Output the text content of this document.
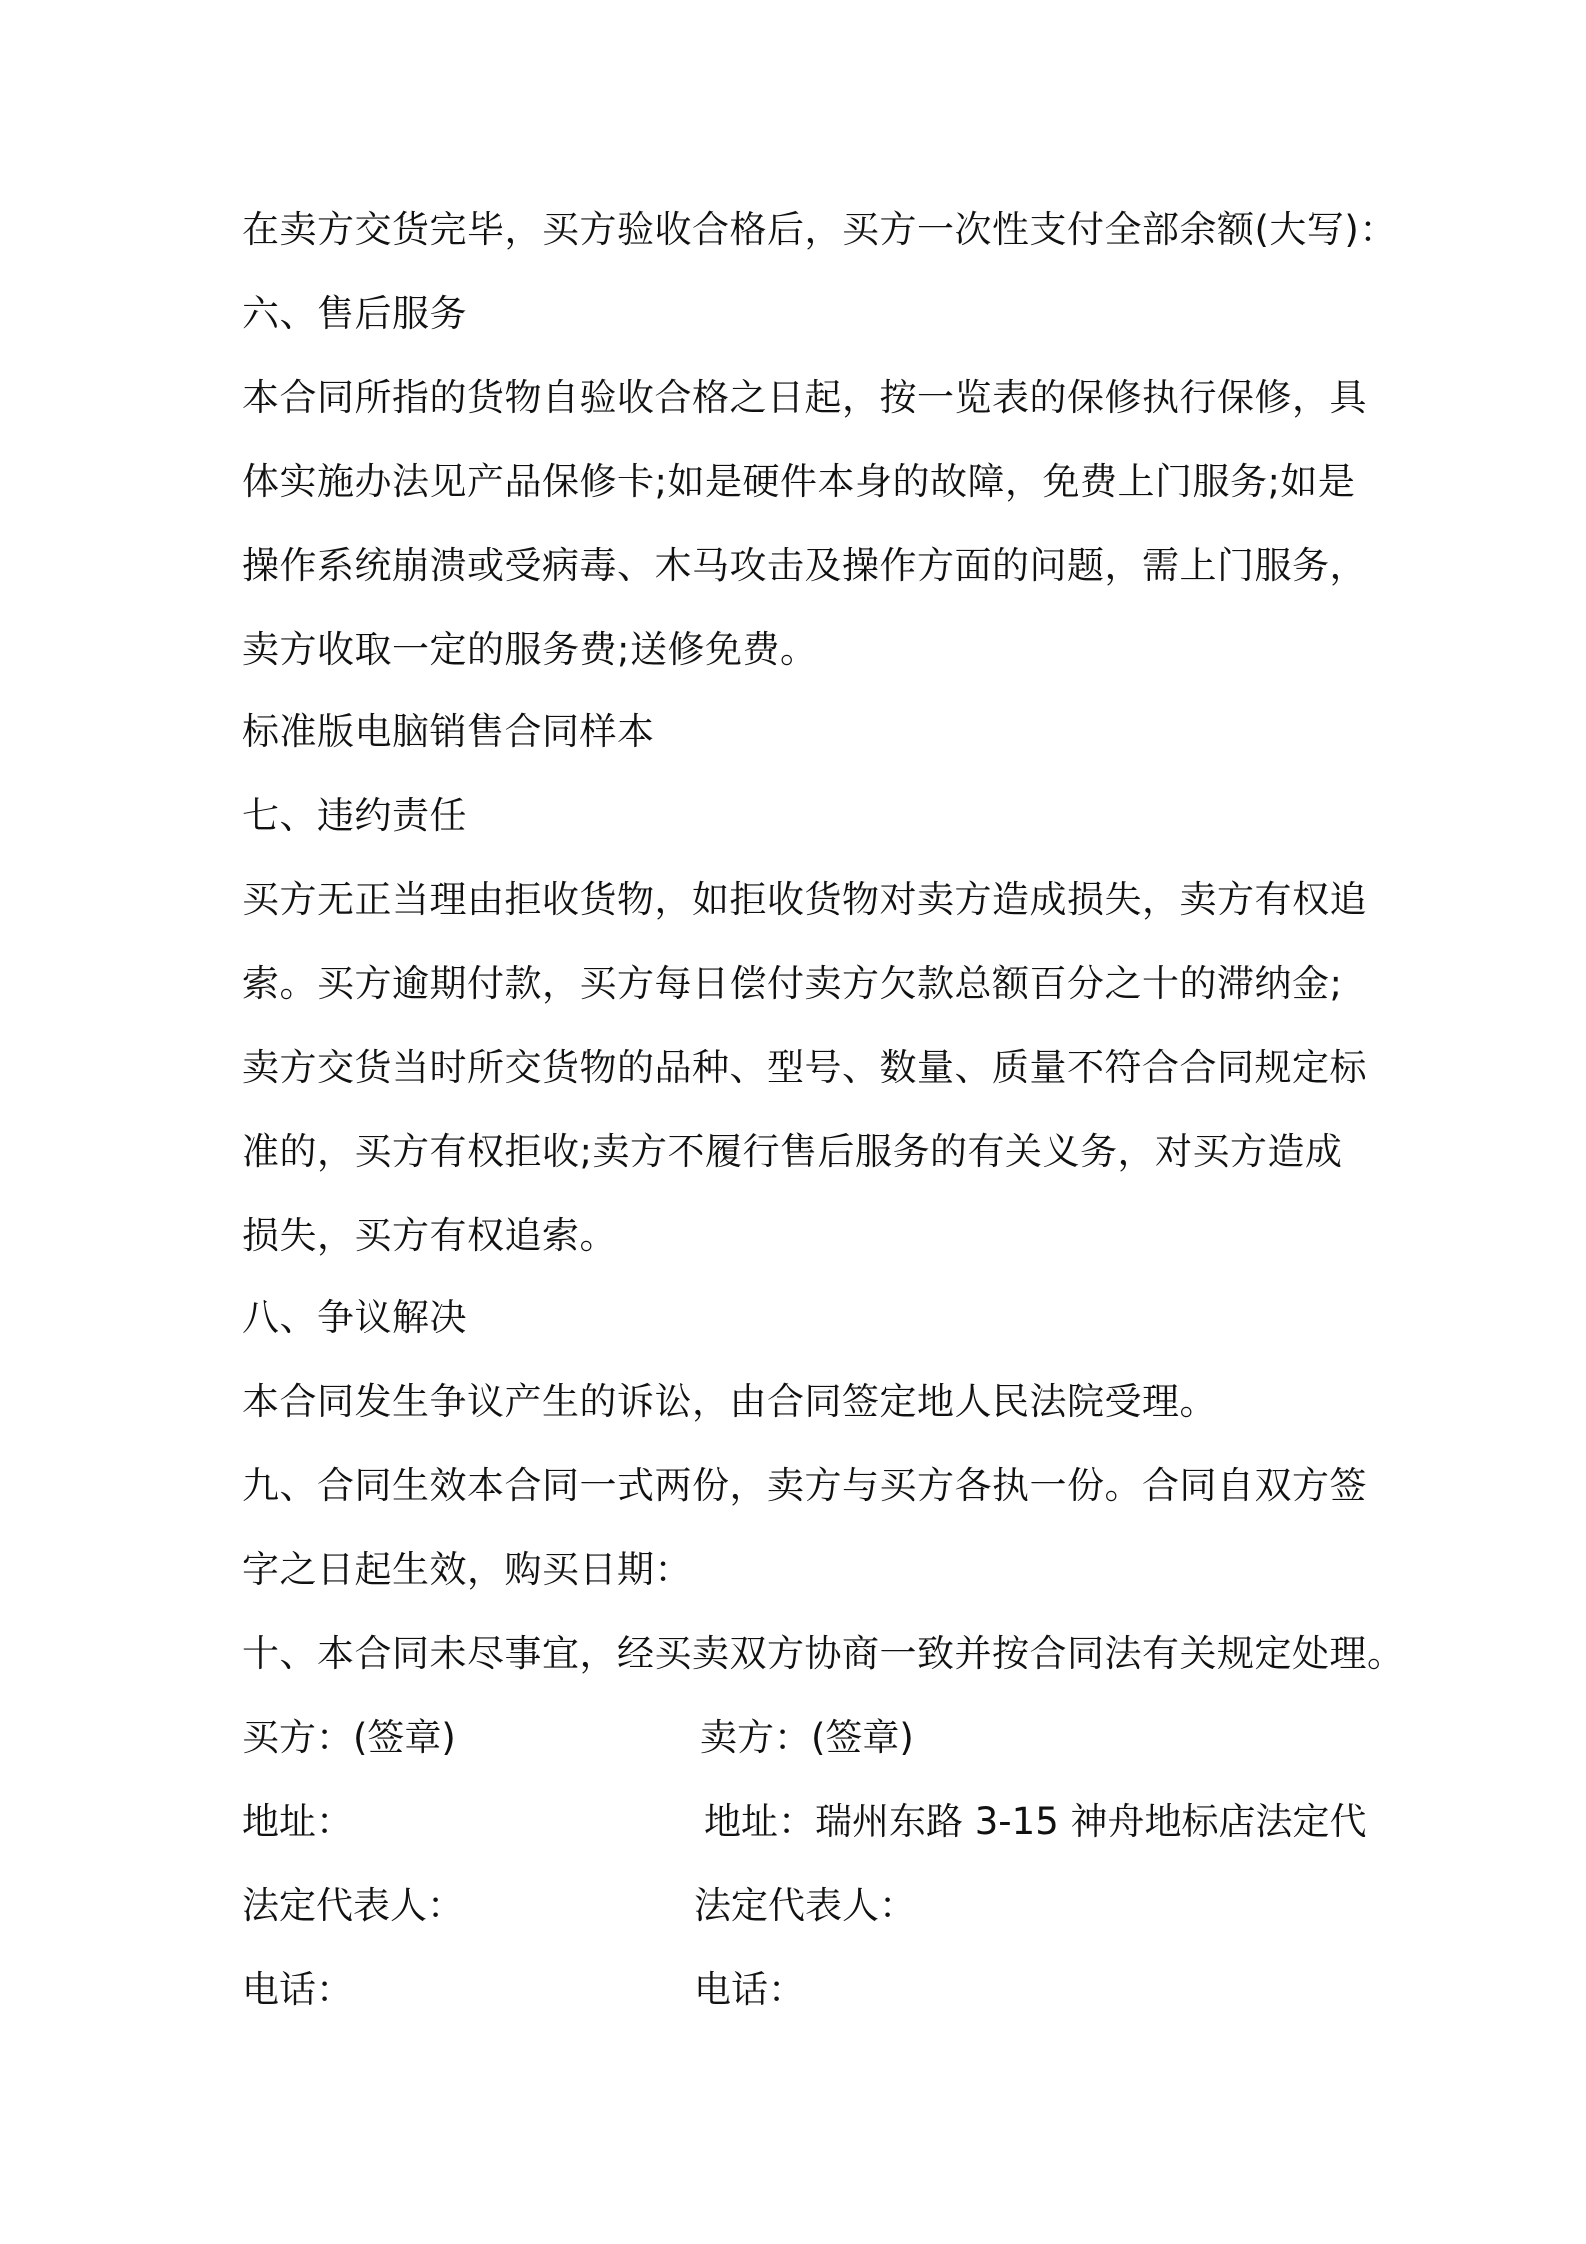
在卖方交货完毕，买方验收合格后，买方一次性支付全部余额(大写)：

六、售后服务

本合同所指的货物自验收合格之日起，按一览表的保修执行保修，具

体实施办法见产品保修卡;如是硬件本身的故障，免费上门服务;如是

操作系统崩溃或受病毒、木马攻击及操作方面的问题，需上门服务，

卖方收取一定的服务费;送修免费。

标准版电脑销售合同样本

七、违约责任

买方无正当理由拒收货物，如拒收货物对卖方造成损失，卖方有权追

索。买方逾期付款，买方每日偿付卖方欠款总额百分之十的滞纳金;

卖方交货当时所交货物的品种、型号、数量、质量不符合合同规定标

准的，买方有权拒收;卖方不履行售后服务的有关义务，对买方造成

损失，买方有权追索。

八、争议解决

本合同发生争议产生的诉讼，由合同签定地人民法院受理。

九、合同生效本合同一式两份，卖方与买方各执一份。合同自双方签

字之日起生效，购买日期：

十、本合同未尽事宜，经买卖双方协商一致并按合同法有关规定处理。

买方：(签章)	卖方：(签章)
地址：	地址：瑞州东路 3-15 神舟地标店法定代
法定代表人：	法定代表人：
电话：	电话：
